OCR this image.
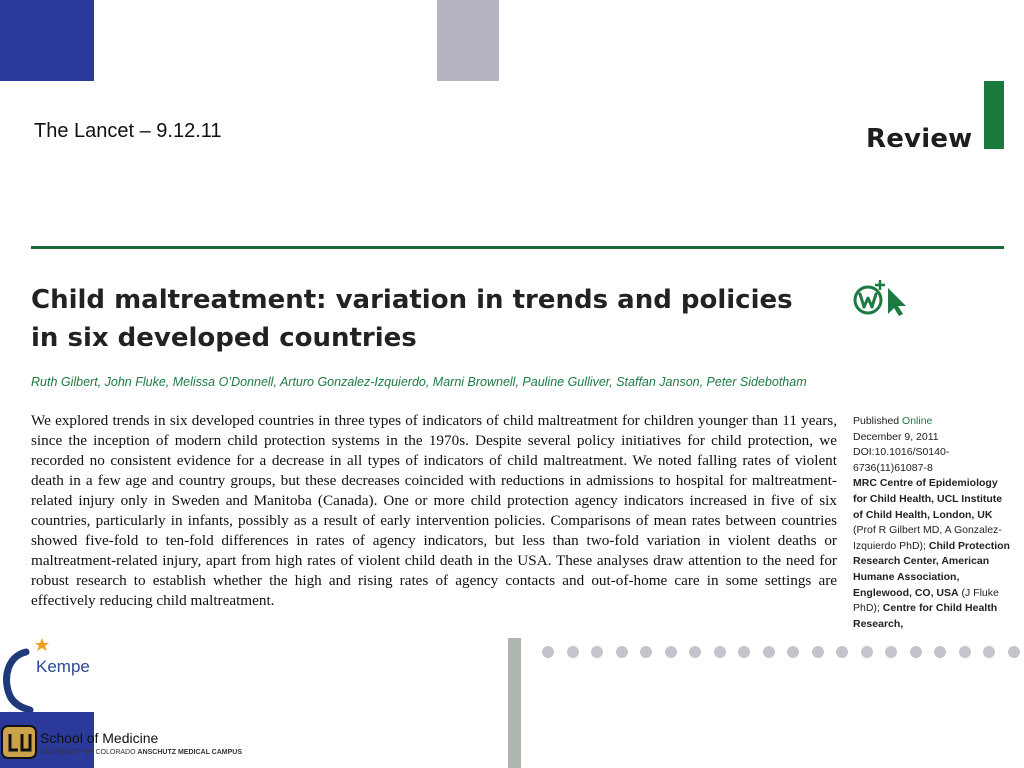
The Lancet – 9.12.11	Review
Child maltreatment: variation in trends and policies in six developed countries
Ruth Gilbert, John Fluke, Melissa O’Donnell, Arturo Gonzalez-Izquierdo, Marni Brownell, Pauline Gulliver, Staffan Janson, Peter Sidebotham

We explored trends in six developed countries in three types of indicators of child maltreatment for children younger than 11 years, since the inception of modern child protection systems in the 1970s. Despite several policy initiatives for child protection, we recorded no consistent evidence for a decrease in all types of indicators of child maltreatment. We noted falling rates of violent death in a few age and country groups, but these decreases coincided with reductions in admissions to hospital for maltreatment-related injury only in Sweden and Manitoba (Canada). One or more child protection agency indicators increased in five of six countries, particularly in infants, possibly as a result of early intervention policies. Comparisons of mean rates between countries showed five-fold to ten-fold differences in rates of agency indicators, but less than two-fold variation in violent deaths or maltreatment-related injury, apart from high rates of violent child death in the USA. These analyses draw attention to the need for robust research to establish whether the high and rising rates of agency contacts and out-of-home care in some settings are effectively reducing child maltreatment.

Published Online
December 9, 2011
DOI:10.1016/S0140-6736(11)61087-8
MRC Centre of Epidemiology for Child Health, UCL Institute of Child Health, London, UK (Prof R Gilbert MD, A Gonzalez-Izquierdo PhD); Child Protection Research Center, American Humane Association, Englewood, CO, USA (J Fluke PhD); Centre for Child Health Research,
Kempe
School of Medicine
UNIVERSITY OF COLORADO ANSCHUTZ MEDICAL CAMPUS
